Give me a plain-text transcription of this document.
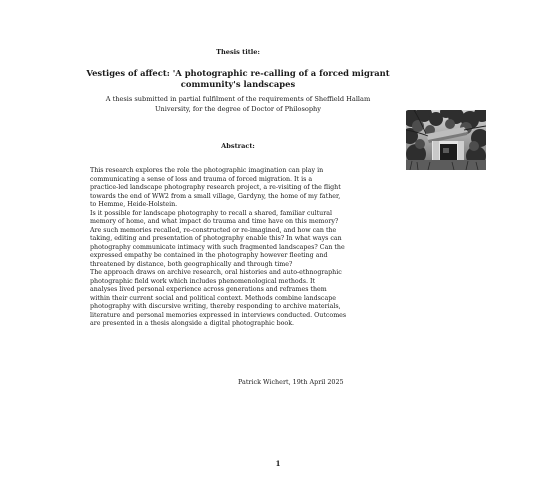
Thesis title:
Vestiges of affect: 'A photographic re-calling of a forced migrant
community's landscapes
A thesis submitted in partial fulfilment of the requirements of Sheffield Hallam
University, for the degree of Doctor of Philosophy
Abstract:

This research explores the role the photographic imagination can play in

communicating a sense of loss and trauma of forced migration. It is a

practice-led landscape photography research project, a re-visiting of the flight

towards the end of WW2 from a small village, Gardyny, the home of my father,

to Hemme, Heide-Holstein.

Is it possible for landscape photography to recall a shared, familiar cultural

memory of home, and what impact do trauma and time have on this memory?

Are such memories recalled, re-constructed or re-imagined, and how can the

taking, editing and presentation of photography enable this? In what ways can

photography communicate intimacy with such fragmented landscapes? Can the

expressed empathy be contained in the photography however fleeting and

threatened by distance, both geographically and through time?

The approach draws on archive research, oral histories and auto-ethnographic

photographic field work which includes phenomenological methods. It

analyses lived personal experience across generations and reframes them

within their current social and political context. Methods combine landscape

photography with discursive writing, thereby responding to archive materials,

literature and personal memories expressed in interviews conducted. Outcomes

are presented in a thesis alongside a digital photographic book.

Patrick Wichert, 19th April 2025
1
